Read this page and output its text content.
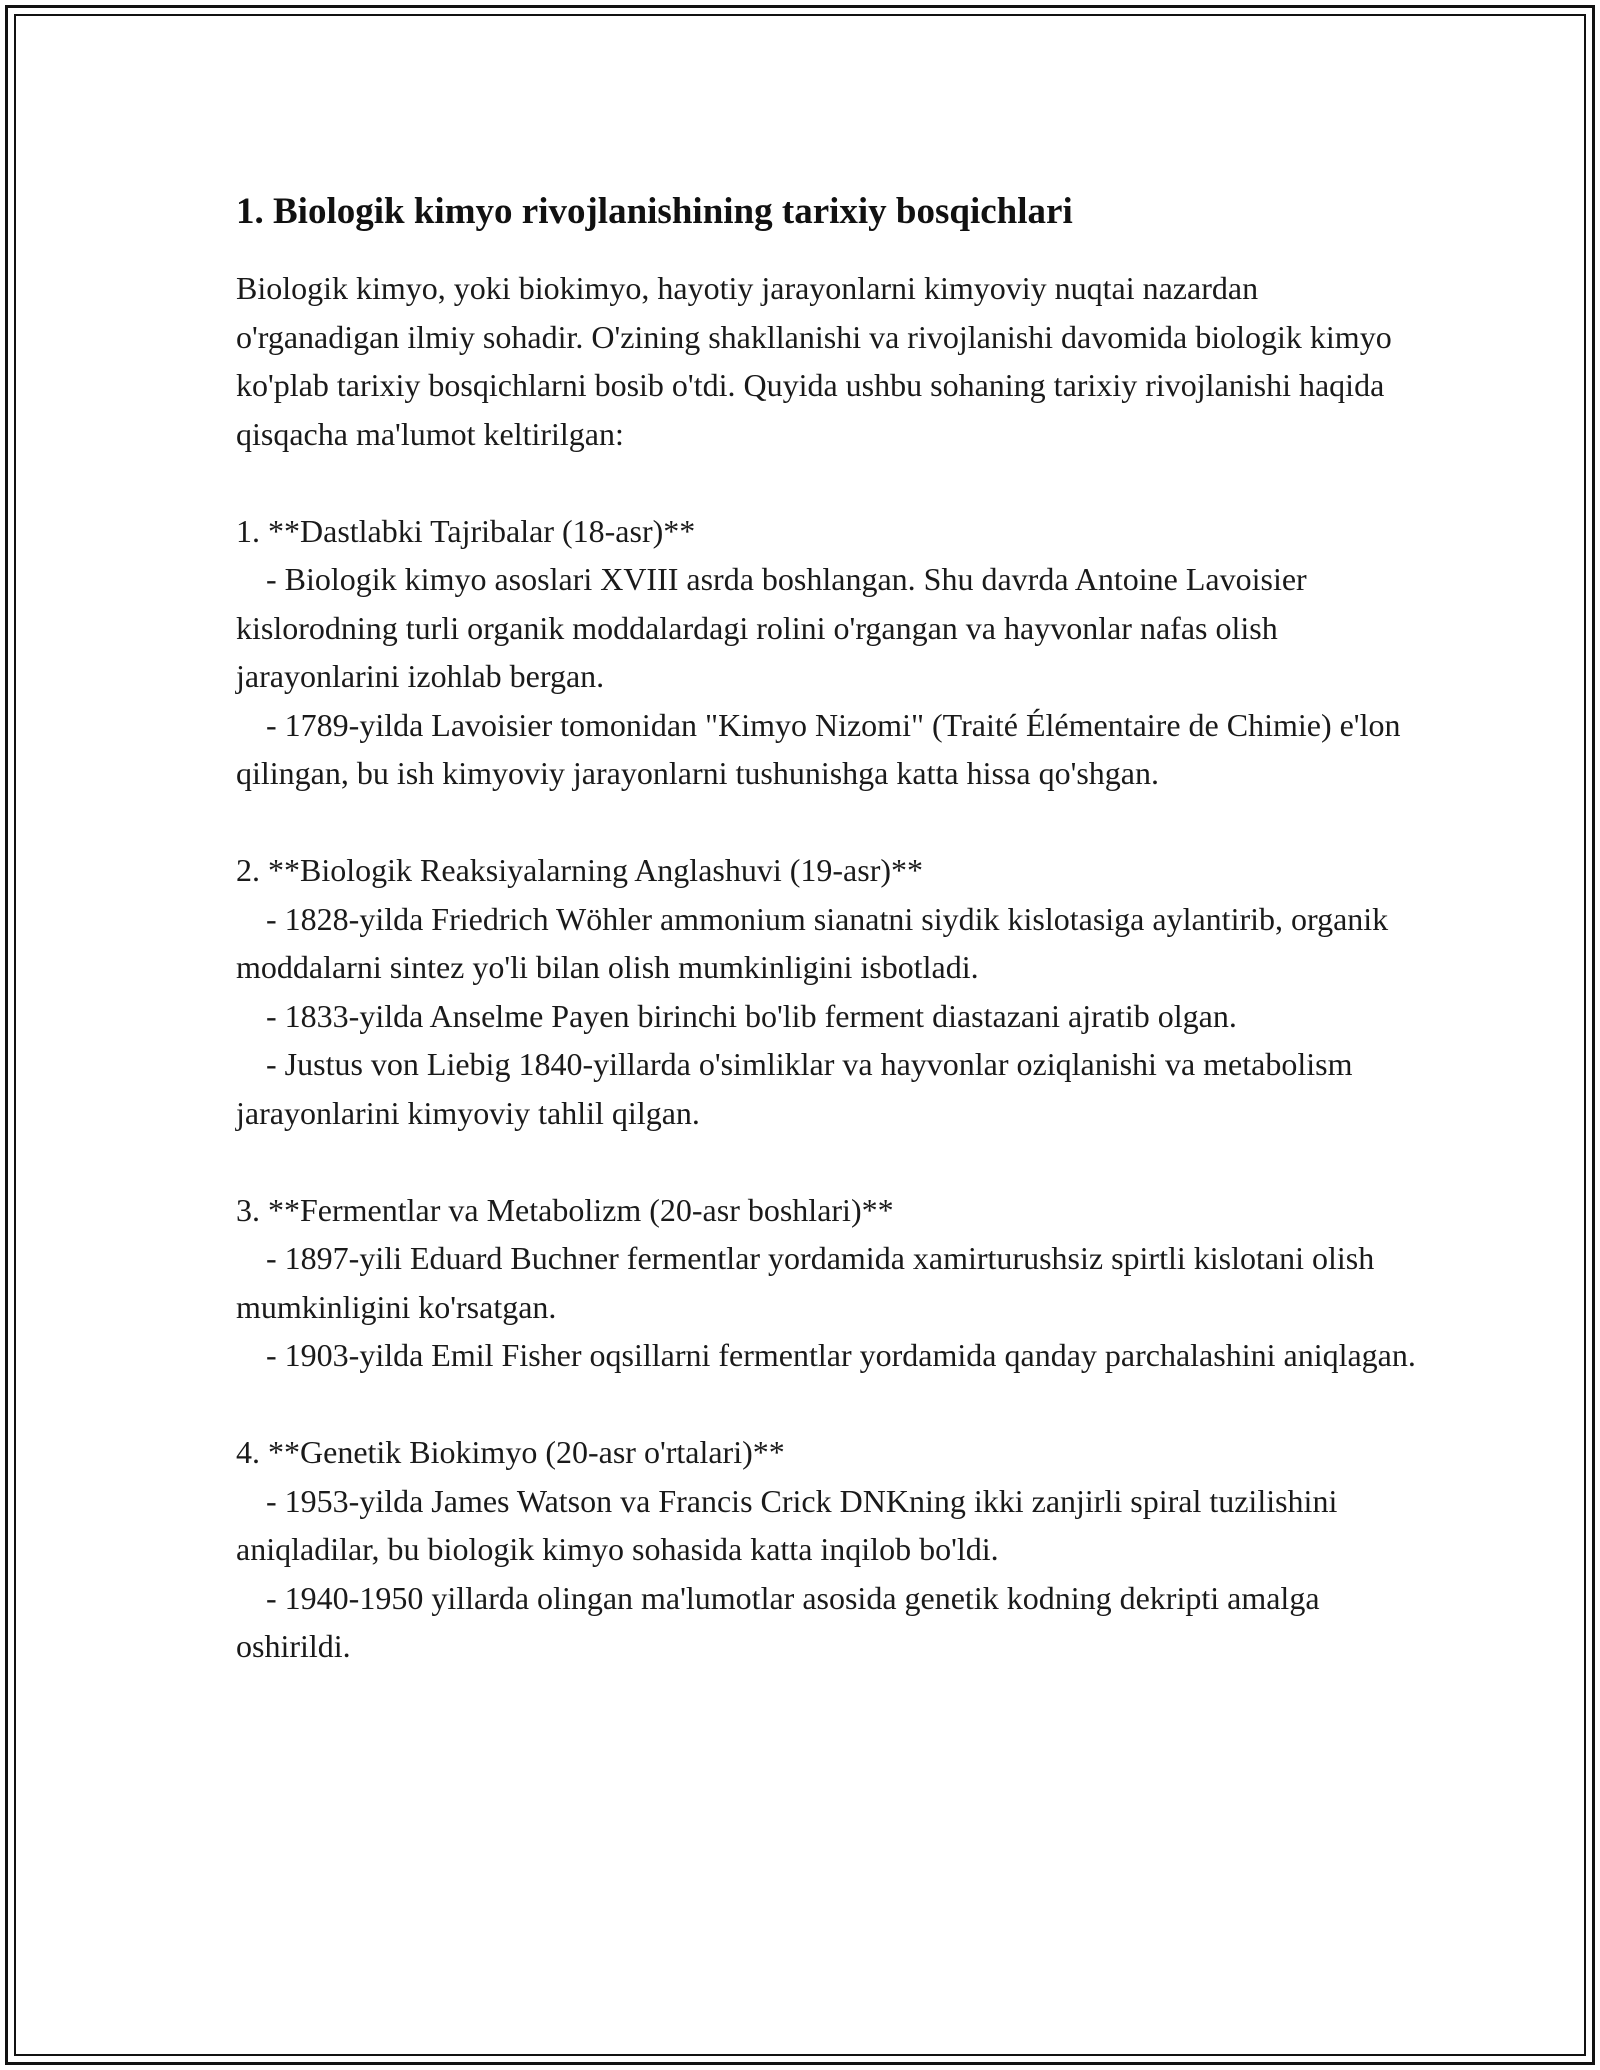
1. Biologik kimyo rivojlanishining tarixiy bosqichlari

Biologik kimyo, yoki biokimyo, hayotiy jarayonlarni kimyoviy nuqtai nazardan o'rganadigan ilmiy sohadir. O'zining shakllanishi va rivojlanishi davomida biologik kimyo ko'plab tarixiy bosqichlarni bosib o'tdi. Quyida ushbu sohaning tarixiy rivojlanishi haqida qisqacha ma'lumot keltirilgan:

1. **Dastlabki Tajribalar (18-asr)**

- Biologik kimyo asoslari XVIII asrda boshlangan. Shu davrda Antoine Lavoisier kislorodning turli organik moddalardagi rolini o'rgangan va hayvonlar nafas olish jarayonlarini izohlab bergan.

- 1789-yilda Lavoisier tomonidan "Kimyo Nizomi" (Traité Élémentaire de Chimie) e'lon qilingan, bu ish kimyoviy jarayonlarni tushunishga katta hissa qo'shgan.

2. **Biologik Reaksiyalarning Anglashuvi (19-asr)**

- 1828-yilda Friedrich Wöhler ammonium sianatni siydik kislotasiga aylantirib, organik moddalarni sintez yo'li bilan olish mumkinligini isbotladi.

- 1833-yilda Anselme Payen birinchi bo'lib ferment diastazani ajratib olgan.

- Justus von Liebig 1840-yillarda o'simliklar va hayvonlar oziqlanishi va metabolism jarayonlarini kimyoviy tahlil qilgan.

3. **Fermentlar va Metabolizm (20-asr boshlari)**

- 1897-yili Eduard Buchner fermentlar yordamida xamirturushsiz spirtli kislotani olish mumkinligini ko'rsatgan.

- 1903-yilda Emil Fisher oqsillarni fermentlar yordamida qanday parchalashini aniqlagan.

4. **Genetik Biokimyo (20-asr o'rtalari)**

- 1953-yilda James Watson va Francis Crick DNKning ikki zanjirli spiral tuzilishini aniqladilar, bu biologik kimyo sohasida katta inqilob bo'ldi.

- 1940-1950 yillarda olingan ma'lumotlar asosida genetik kodning dekripti amalga oshirildi.
